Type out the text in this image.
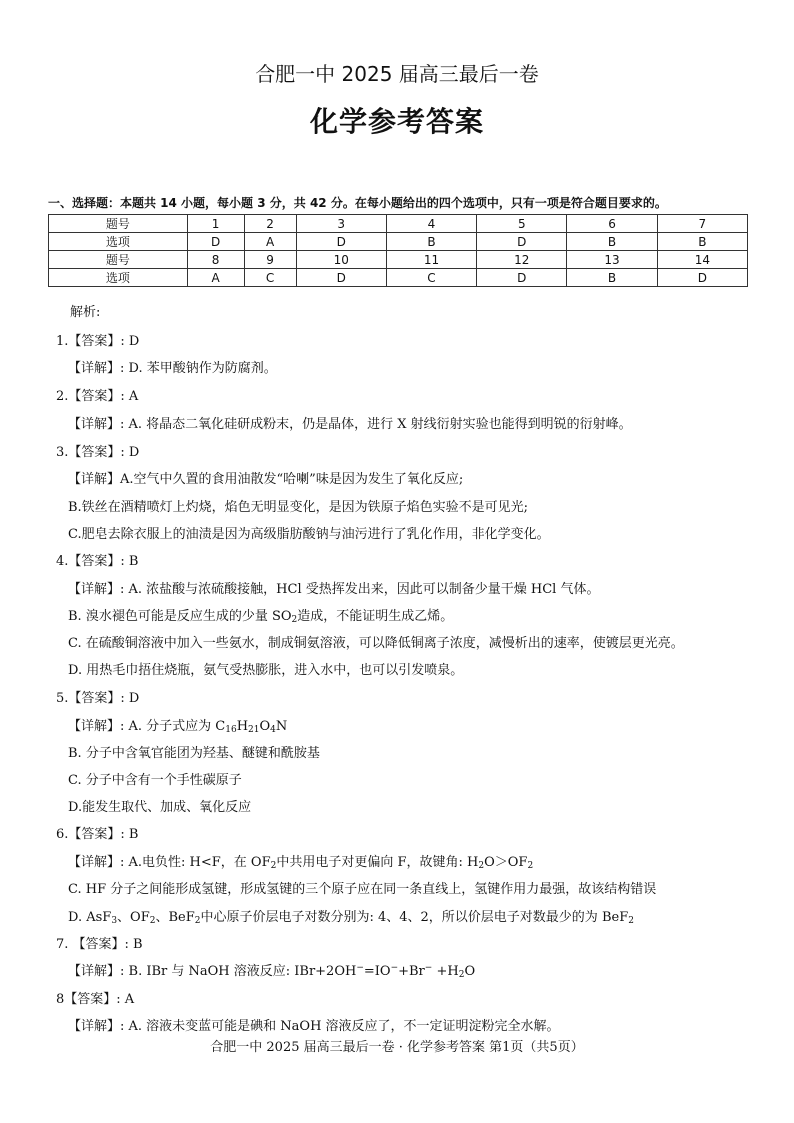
合肥一中 2025 届高三最后一卷
化学参考答案
一、选择题：本题共 14 小题，每小题 3 分，共 42 分。在每小题给出的四个选项中，只有一项是符合题目要求的。
题号	1	2	3	4	5	6	7
选项	D	A	D	B	D	B	B
题号	8	9	10	11	12	13	14
选项	A	C	D	C	D	B	D
解析:
1.【答案】: D
【详解】: D. 苯甲酸钠作为防腐剂。
2.【答案】: A
【详解】: A. 将晶态二氧化硅研成粉末，仍是晶体，进行 X 射线衍射实验也能得到明锐的衍射峰。
3.【答案】: D
【详解】A.空气中久置的食用油散发“哈喇”味是因为发生了氧化反应;
B.铁丝在酒精喷灯上灼烧，焰色无明显变化，是因为铁原子焰色实验不是可见光;
C.肥皂去除衣服上的油渍是因为高级脂肪酸钠与油污进行了乳化作用，非化学变化。
4.【答案】: B
【详解】: A. 浓盐酸与浓硫酸接触，HCl 受热挥发出来，因此可以制备少量干燥 HCl 气体。
B. 溴水褪色可能是反应生成的少量 $SO_2$造成，不能证明生成乙烯。
C. 在硫酸铜溶液中加入一些氨水，制成铜氨溶液，可以降低铜离子浓度，减慢析出的速率，使镀层更光亮。
D. 用热毛巾捂住烧瓶，氨气受热膨胀，进入水中，也可以引发喷泉。
5.【答案】: D
【详解】: A. 分子式应为 $C_{16}H_{21}O_4N$
B. 分子中含氧官能团为羟基、醚键和酰胺基
C. 分子中含有一个手性碳原子
D.能发生取代、加成、氧化反应
6.【答案】: B
【详解】: A.电负性: H<F，在 $OF_2$中共用电子对更偏向 F，故键角: $H_2O>OF_2$
C. HF 分子之间能形成氢键，形成氢键的三个原子应在同一条直线上，氢键作用力最强，故该结构错误
D. AsF$_3$、$OF_2$、BeF$_2$中心原子价层电子对数分别为: 4、4、2，所以价层电子对数最少的为 BeF$_2$
7. 【答案】: B
【详解】: B. IBr 与 NaOH 溶液反应: $IBr+2OH^-=IO^-+Br^- +H_2O$
8【答案】: A
【详解】: A. 溶液未变蓝可能是碘和 NaOH 溶液反应了，不一定证明淀粉完全水解。
合肥一中 2025 届高三最后一卷 · 化学参考答案 第1页（共5页）
